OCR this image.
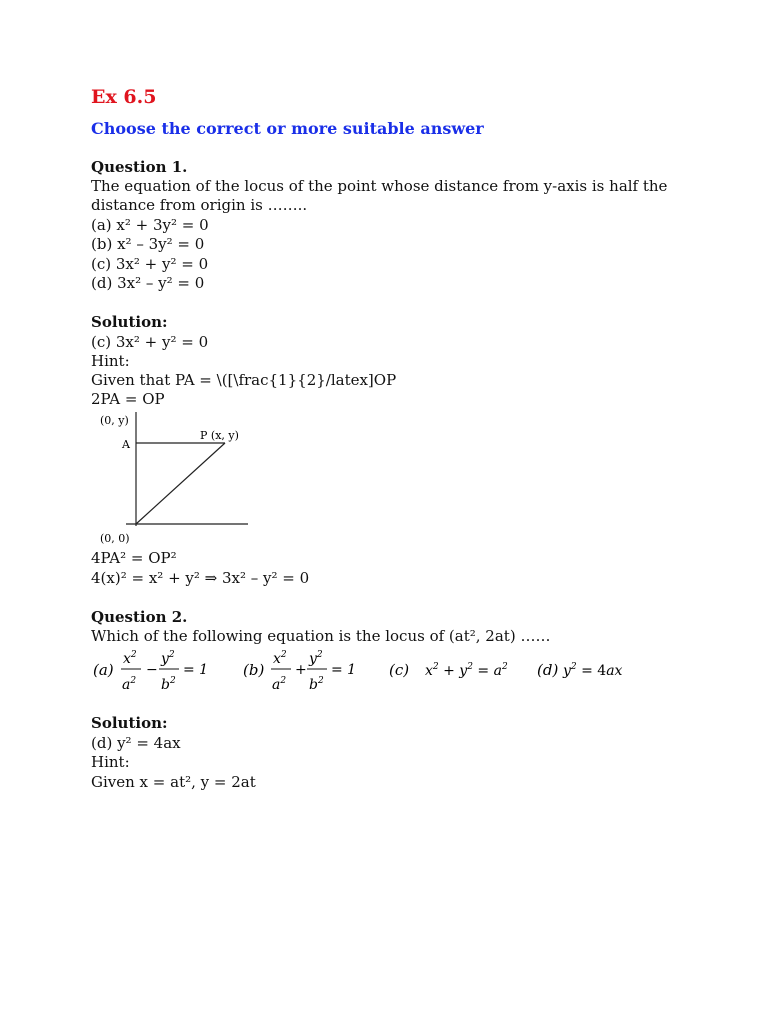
Ex 6.5
Choose the correct or more suitable answer
Question 1.
The equation of the locus of the point whose distance from y-axis is half the
distance from origin is ……..
(a) x² + 3y² = 0
(b) x² – 3y² = 0
(c) 3x² + y² = 0
(d) 3x² – y² = 0
Solution:
(c) 3x² + y² = 0
Hint:
Given that PA = \([\frac{1}{2}/latex]OP
2PA = OP
(0, y)
A
P (x, y)
(0, 0)
4PA² = OP²
4(x)² = x² + y² ⇒ 3x² – y² = 0
Question 2.
Which of the following equation is the locus of (at², 2at) ……
(a)
$x^2$
$a^2$
−
$y^2$
$b^2$
= 1 (b)
$x^2$
$a^2$
+
$y^2$
$b^2$
= 1 (c) $x^2 + y^2 = a^2$ (d) $y^2 = 4ax$
Solution:
(d) y² = 4ax
Hint:
Given x = at², y = 2at
